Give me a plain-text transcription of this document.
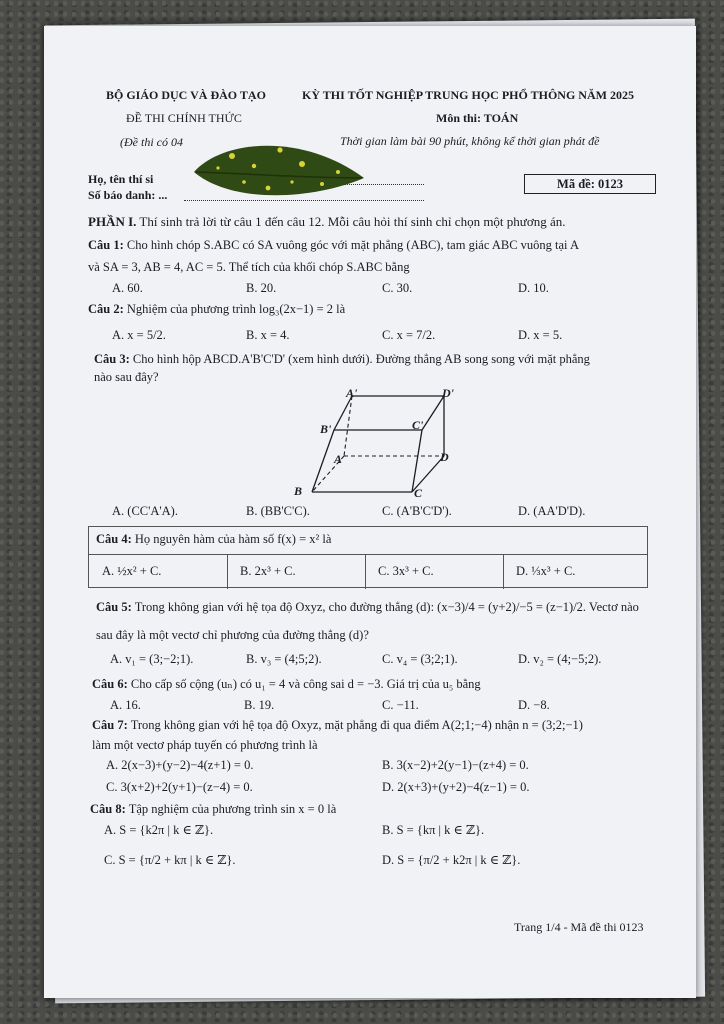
BỘ GIÁO DỤC VÀ ĐÀO TẠO	KỲ THI TỐT NGHIỆP TRUNG HỌC PHỔ THÔNG NĂM 2025
ĐỀ THI CHÍNH THỨC	Môn thi: TOÁN
(Đề thi có 04	Thời gian làm bài 90 phút, không kể thời gian phát đề
Họ, tên thí si
Số báo danh: ...
Mã đề: 0123
PHẦN I. Thí sinh trả lời từ câu 1 đến câu 12. Mỗi câu hỏi thí sinh chỉ chọn một phương án.
Câu 1: Cho hình chóp S.ABC có SA vuông góc với mặt phẳng (ABC), tam giác ABC vuông tại A
và SA = 3, AB = 4, AC = 5. Thể tích của khối chóp S.ABC bằng
A. 60.	B. 20.	C. 30.	D. 10.
Câu 2: Nghiệm của phương trình log₃(2x−1) = 2 là
A. x = 5/2.	B. x = 4.	C. x = 7/2.	D. x = 5.
Câu 3: Cho hình hộp ABCD.A'B'C'D' (xem hình dưới). Đường thẳng AB song song với mặt phẳng
nào sau đây?
A'	D'
B'	C'
A	D
B	C
A. (CC'A'A).	B. (BB'C'C).	C. (A'B'C'D').	D. (AA'D'D).
Câu 4: Họ nguyên hàm của hàm số f(x) = x² là
A. ½x² + C.	B. 2x³ + C.	C. 3x³ + C.	D. ⅓x³ + C.
Câu 5: Trong không gian với hệ tọa độ Oxyz, cho đường thẳng (d): (x−3)/4 = (y+2)/−5 = (z−1)/2. Vectơ nào
sau đây là một vectơ chỉ phương của đường thẳng (d)?
A. v₁ = (3;−2;1).	B. v₃ = (4;5;2).	C. v₄ = (3;2;1).	D. v₂ = (4;−5;2).
Câu 6: Cho cấp số cộng (uₙ) có u₁ = 4 và công sai d = −3. Giá trị của u₅ bằng
A. 16.	B. 19.	C. −11.	D. −8.
Câu 7: Trong không gian với hệ tọa độ Oxyz, mặt phẳng đi qua điểm A(2;1;−4) nhận n = (3;2;−1)
làm một vectơ pháp tuyến có phương trình là
A. 2(x−3)+(y−2)−4(z+1) = 0.	B. 3(x−2)+2(y−1)−(z+4) = 0.
C. 3(x+2)+2(y+1)−(z−4) = 0.	D. 2(x+3)+(y+2)−4(z−1) = 0.
Câu 8: Tập nghiệm của phương trình sin x = 0 là
A. S = {k2π | k ∈ ℤ}.	B. S = {kπ | k ∈ ℤ}.
C. S = {π/2 + kπ | k ∈ ℤ}.	D. S = {π/2 + k2π | k ∈ ℤ}.
Trang 1/4 - Mã đề thi 0123
